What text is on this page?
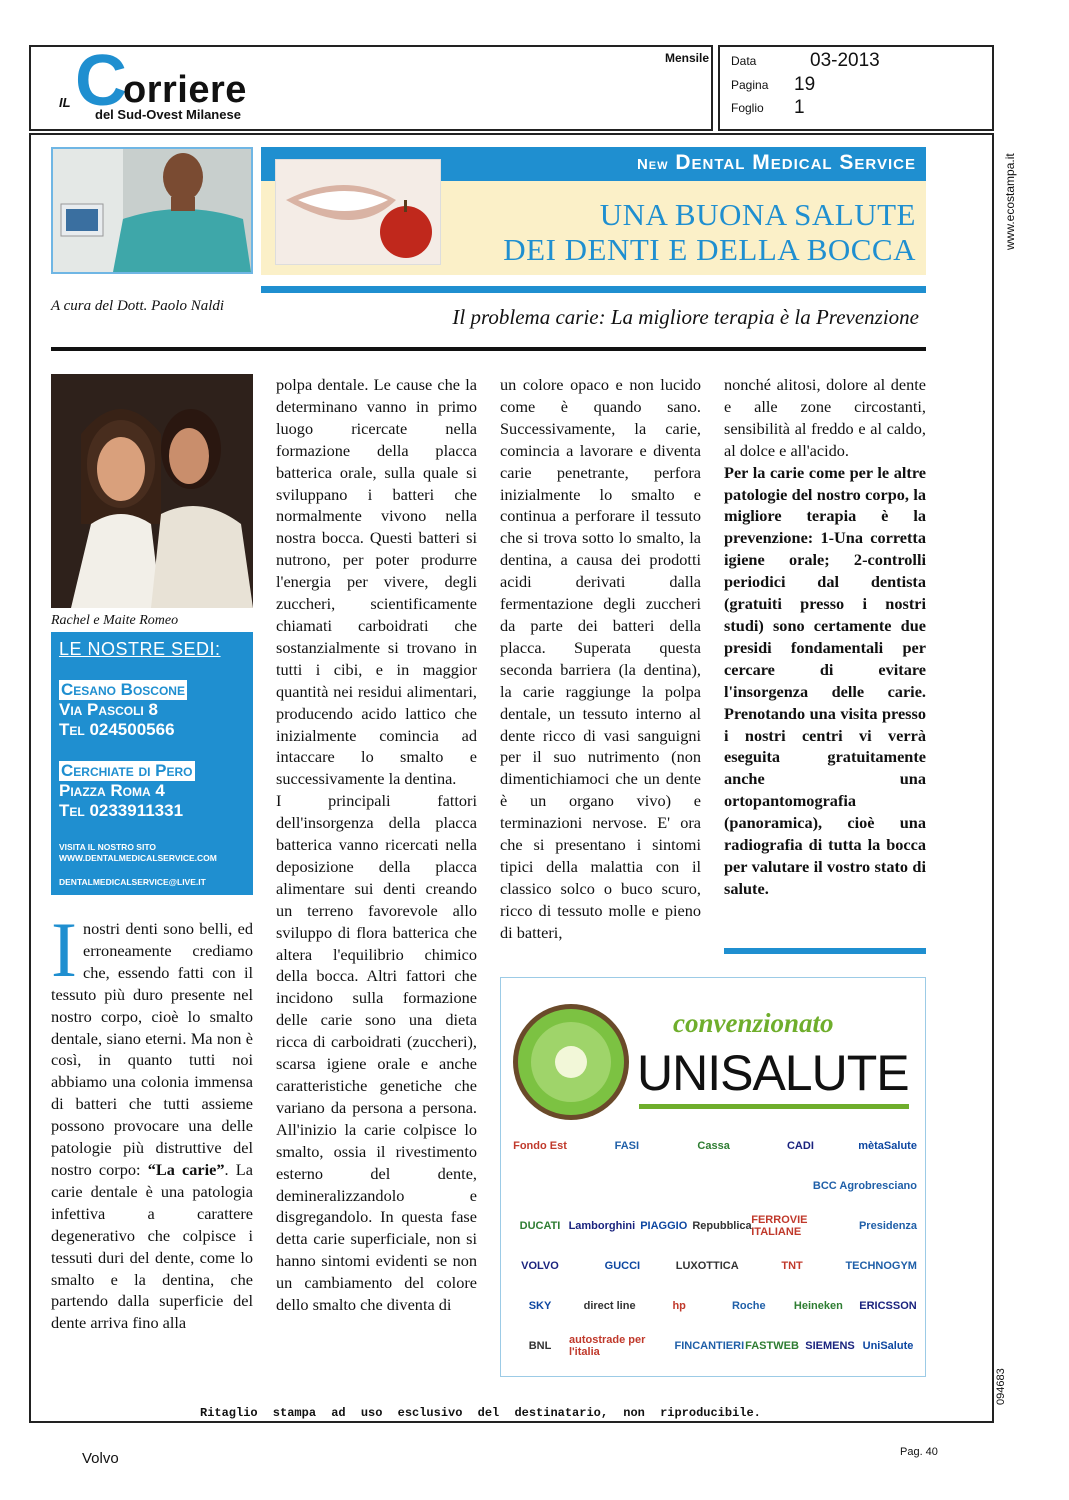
IL C
orriere
del Sud-Ovest Milanese
Mensile Data	03-2013
Pagina 19
Foglio 1
www.ecostampa.it
094683
New Dental Medical Service
UNA BUONA SALUTE
DEI DENTI E DELLA BOCCA
A cura del Dott. Paolo Naldi	Il problema carie: La migliore terapia è la Prevenzione
Rachel e Maite Romeo
LE NOSTRE SEDI:
Cesano Boscone
Via Pascoli 8
Tel 024500566
Cerchiate di Pero
Piazza Roma 4
Tel 0233911331
VISITA IL NOSTRO SITO
WWW.DENTALMEDICALSERVICE.COM
DENTALMEDICALSERVICE@LIVE.IT

Inostri denti sono belli, ed erroneamente crediamo che, essendo fatti con il tessuto più duro presente nel nostro corpo, cioè lo smalto dentale, siano eterni. Ma non è così, in quanto tutti noi abbiamo una colonia immensa di batteri che tutti assieme possono provocare una delle patologie più distruttive del nostro corpo: “La carie”. La carie dentale è una patologia infettiva a carattere degenerativo che colpisce i tessuti duri del dente, come lo smalto e la dentina, che partendo dalla superficie del dente arriva fino alla

polpa dentale. Le cause che la determinano vanno in primo luogo ricercate nella formazione della placca batterica orale, sulla quale si sviluppano i batteri che normalmente vivono nella nostra bocca. Questi batteri si nutrono, per poter produrre l'energia per vivere, degli zuccheri, scientificamente chiamati carboidrati che sostanzialmente si trovano in tutti i cibi, e in maggior quantità nei residui alimentari, producendo acido lattico che inizialmente comincia ad intaccare lo smalto e successivamente la dentina.

I principali fattori dell'insorgenza della placca batterica vanno ricercati nella deposizione della placca alimentare sui denti creando un terreno favorevole allo sviluppo di flora batterica che altera l'equilibrio chimico della bocca. Altri fattori che incidono sulla formazione delle carie sono una dieta ricca di carboidrati (zuccheri), scarsa igiene orale e anche caratteristiche genetiche che variano da persona a persona. All'inizio la carie colpisce lo smalto, ossia il rivestimento esterno del dente, demineralizzandolo e disgregandolo. In questa fase detta carie superficiale, non si hanno sintomi evidenti se non un cambiamento del colore dello smalto che diventa di

un colore opaco e non lucido come è quando sano. Successivamente, la carie, comincia a lavorare e diventa carie penetrante, perfora inizialmente lo smalto e continua a perforare il tessuto che si trova sotto lo smalto, la dentina, a causa dei prodotti acidi derivati dalla fermentazione degli zuccheri da parte dei batteri della placca. Superata questa seconda barriera (la dentina), la carie raggiunge la polpa dentale, un tessuto interno al dente ricco di vasi sanguigni per il suo nutrimento (non dimentichiamoci che un dente è un organo vivo) e terminazioni nervose. E' ora che si presentano i sintomi tipici della malattia con il classico solco o buco scuro, ricco di tessuto molle e pieno di batteri,

nonché alitosi, dolore al dente e alle zone circostanti, sensibilità al freddo e al caldo, al dolce e all'acido.

Per la carie come per le altre patologie del nostro corpo, la migliore terapia è la prevenzione: 1-Una corretta igiene orale; 2-controlli periodici dal dentista (gratuiti presso i nostri studi) sono certamente due presidi fondamentali per cercare di evitare l'insorgenza delle carie. Prenotando una visita presso i nostri centri vi verrà eseguita gratuitamente anche una ortopantomografia (panoramica), cioè una radiografia di tutta la bocca per valutare il vostro stato di salute.

convenzionato
UNISALUTE
Fondo Est	FASI	Cassa	CADI	mètaSalute
BCC Agrobresciano
DUCATI Lamborghini PIAGGIO Repubblica FERROVIE ITALIANE	Presidenza
VOLVO	GUCCI	LUXOTTICA	TNT	TECHNOGYM
SKY	direct line	hp	Roche	Heineken	ERICSSON
BNL	autostrade per l'italia	FINCANTIERI FASTWEB SIEMENS UniSalute
Ritaglio stampa ad uso esclusivo del destinatario, non riproducibile.
Volvo	Pag. 40
